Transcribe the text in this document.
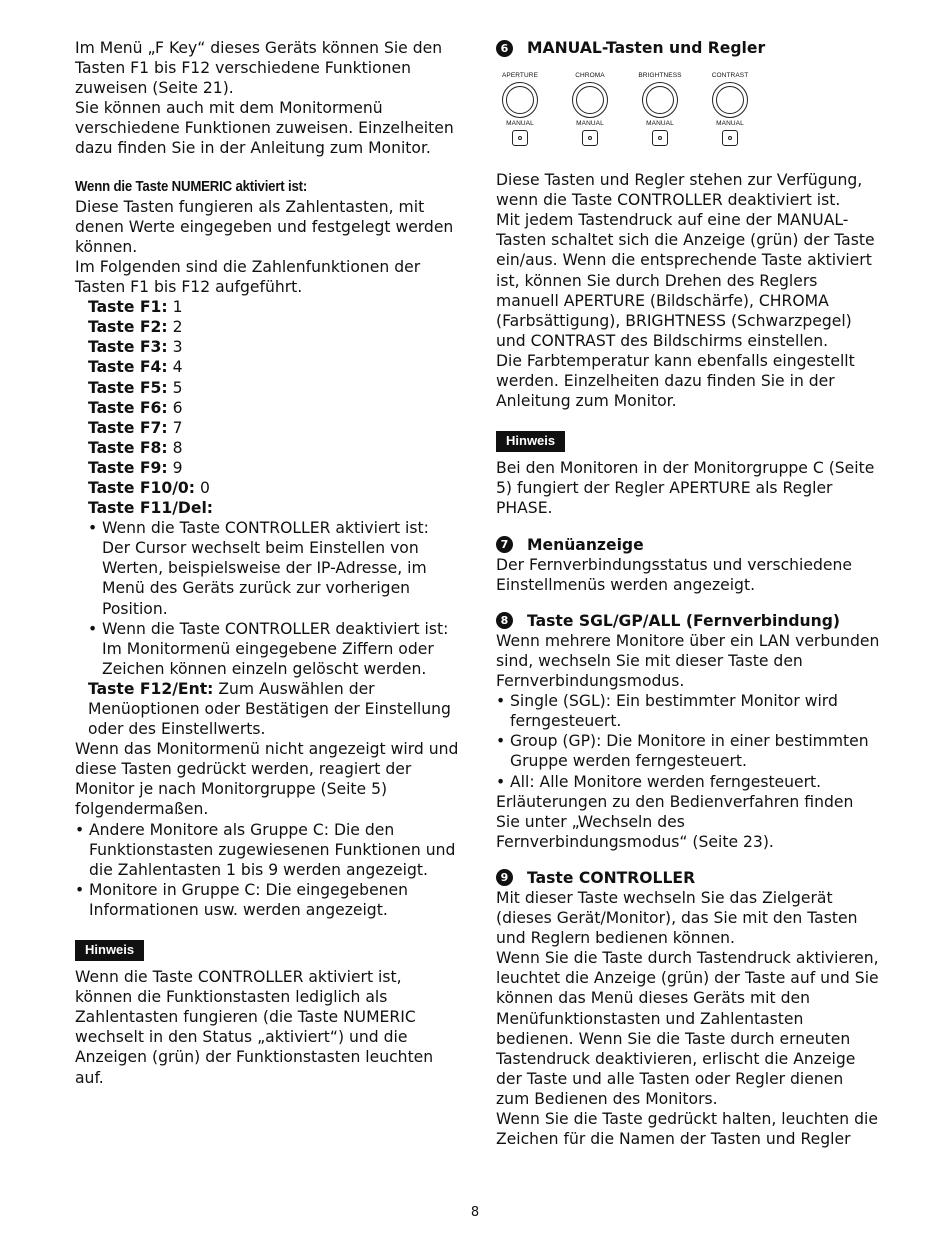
Im Menü „F Key“ dieses Geräts können Sie den Tasten F1 bis F12 verschiedene Funktionen zuweisen (Seite 21).

Sie können auch mit dem Monitormenü verschiedene Funktionen zuweisen. Einzelheiten dazu finden Sie in der Anleitung zum Monitor.

Wenn die Taste NUMERIC aktiviert ist:

Diese Tasten fungieren als Zahlentasten, mit denen Werte eingegeben und festgelegt werden können.

Im Folgenden sind die Zahlenfunktionen der Tasten F1 bis F12 aufgeführt.

Taste F1: 1

Taste F2: 2

Taste F3: 3

Taste F4: 4

Taste F5: 5

Taste F6: 6

Taste F7: 7

Taste F8: 8

Taste F9: 9

Taste F10/0: 0

Taste F11/Del:

• Wenn die Taste CONTROLLER aktiviert ist: Der Cursor wechselt beim Einstellen von Werten, beispielsweise der IP-Adresse, im Menü des Geräts zurück zur vorherigen Position.
• Wenn die Taste CONTROLLER deaktiviert ist: Im Monitormenü eingegebene Ziffern oder Zeichen können einzeln gelöscht werden.

Taste F12/Ent: Zum Auswählen der Menüoptionen oder Bestätigen der Einstellung oder des Einstellwerts.

Wenn das Monitormenü nicht angezeigt wird und diese Tasten gedrückt werden, reagiert der Monitor je nach Monitorgruppe (Seite 5) folgendermaßen.

• Andere Monitore als Gruppe C: Die den Funktionstasten zugewiesenen Funktionen und die Zahlentasten 1 bis 9 werden angezeigt.
• Monitore in Gruppe C: Die eingegebenen Informationen usw. werden angezeigt.
Hinweis

Wenn die Taste CONTROLLER aktiviert ist, können die Funktionstasten lediglich als Zahlentasten fungieren (die Taste NUMERIC wechselt in den Status „aktiviert“) und die Anzeigen (grün) der Funktionstasten leuchten auf.

6 MANUAL-Tasten und Regler

APERTURE
MANUAL
CHROMA
MANUAL
BRIGHTNESS
MANUAL
CONTRAST
MANUAL

Diese Tasten und Regler stehen zur Verfügung, wenn die Taste CONTROLLER deaktiviert ist.

Mit jedem Tastendruck auf eine der MANUAL-Tasten schaltet sich die Anzeige (grün) der Taste ein/aus. Wenn die entsprechende Taste aktiviert ist, können Sie durch Drehen des Reglers manuell APERTURE (Bildschärfe), CHROMA (Farbsättigung), BRIGHTNESS (Schwarzpegel) und CONTRAST des Bildschirms einstellen.

Die Farbtemperatur kann ebenfalls eingestellt werden. Einzelheiten dazu finden Sie in der Anleitung zum Monitor.

Hinweis

Bei den Monitoren in der Monitorgruppe C (Seite 5) fungiert der Regler APERTURE als Regler PHASE.

7 Menüanzeige

Der Fernverbindungsstatus und verschiedene Einstellmenüs werden angezeigt.

8 Taste SGL/GP/ALL (Fernverbindung)

Wenn mehrere Monitore über ein LAN verbunden sind, wechseln Sie mit dieser Taste den Fernverbindungsmodus.

• Single (SGL): Ein bestimmter Monitor wird ferngesteuert.
• Group (GP): Die Monitore in einer bestimmten Gruppe werden ferngesteuert.
• All: Alle Monitore werden ferngesteuert.

Erläuterungen zu den Bedienverfahren finden Sie unter „Wechseln des Fernverbindungsmodus“ (Seite 23).

9 Taste CONTROLLER

Mit dieser Taste wechseln Sie das Zielgerät (dieses Gerät/Monitor), das Sie mit den Tasten und Reglern bedienen können.

Wenn Sie die Taste durch Tastendruck aktivieren, leuchtet die Anzeige (grün) der Taste auf und Sie können das Menü dieses Geräts mit den Menüfunktionstasten und Zahlentasten bedienen. Wenn Sie die Taste durch erneuten Tastendruck deaktivieren, erlischt die Anzeige der Taste und alle Tasten oder Regler dienen zum Bedienen des Monitors.

Wenn Sie die Taste gedrückt halten, leuchten die Zeichen für die Namen der Tasten und Regler

8
